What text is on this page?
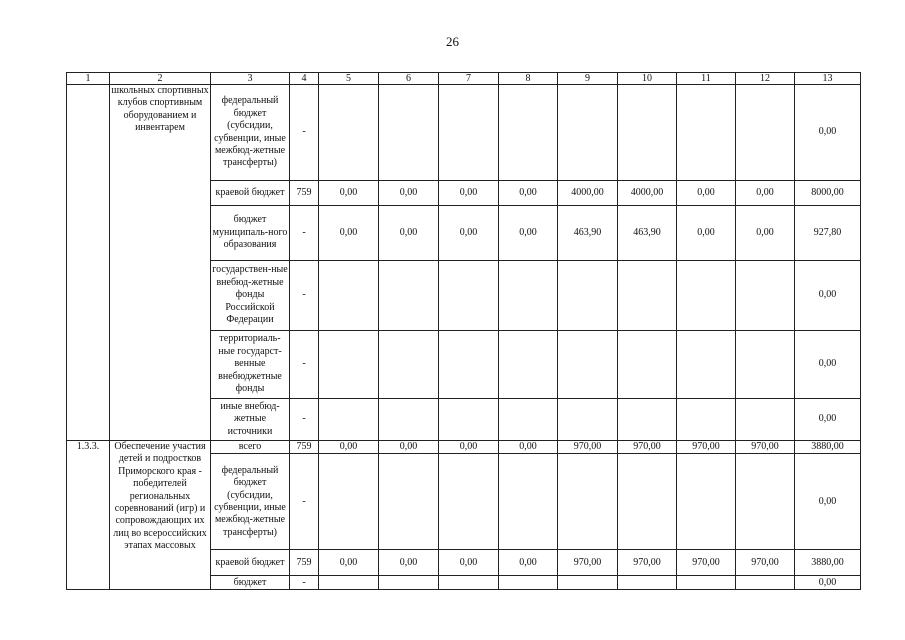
26
1	2	3	4	5	6	7	8	9	10	11	12	13
	школьных спортивных клубов спортивным оборудованием и инвентарем	федеральный бюджет (субсидии, субвенции, иные межбюд-жетные трансферты)	-									0,00
		краевой бюджет	759	0,00	0,00	0,00	0,00	4000,00	4000,00	0,00	0,00	8000,00
		бюджет муниципаль-ного образования	-	0,00	0,00	0,00	0,00	463,90	463,90	0,00	0,00	927,80
		государствен-ные внебюд-жетные фонды Российской Федерации	-									0,00
		территориаль-ные государст-венные внебюджетные фонды	-									0,00
		иные внебюд-жетные источники	-									0,00
1.3.3.	Обеспечение участия детей и подростков Приморского края - победителей региональных соревнований (игр) и сопровождающих их лиц во всероссийских этапах массовых	всего	759	0,00	0,00	0,00	0,00	970,00	970,00	970,00	970,00	3880,00
		федеральный бюджет (субсидии, субвенции, иные межбюд-жетные трансферты)	-									0,00
		краевой бюджет	759	0,00	0,00	0,00	0,00	970,00	970,00	970,00	970,00	3880,00
		бюджет	-									0,00
